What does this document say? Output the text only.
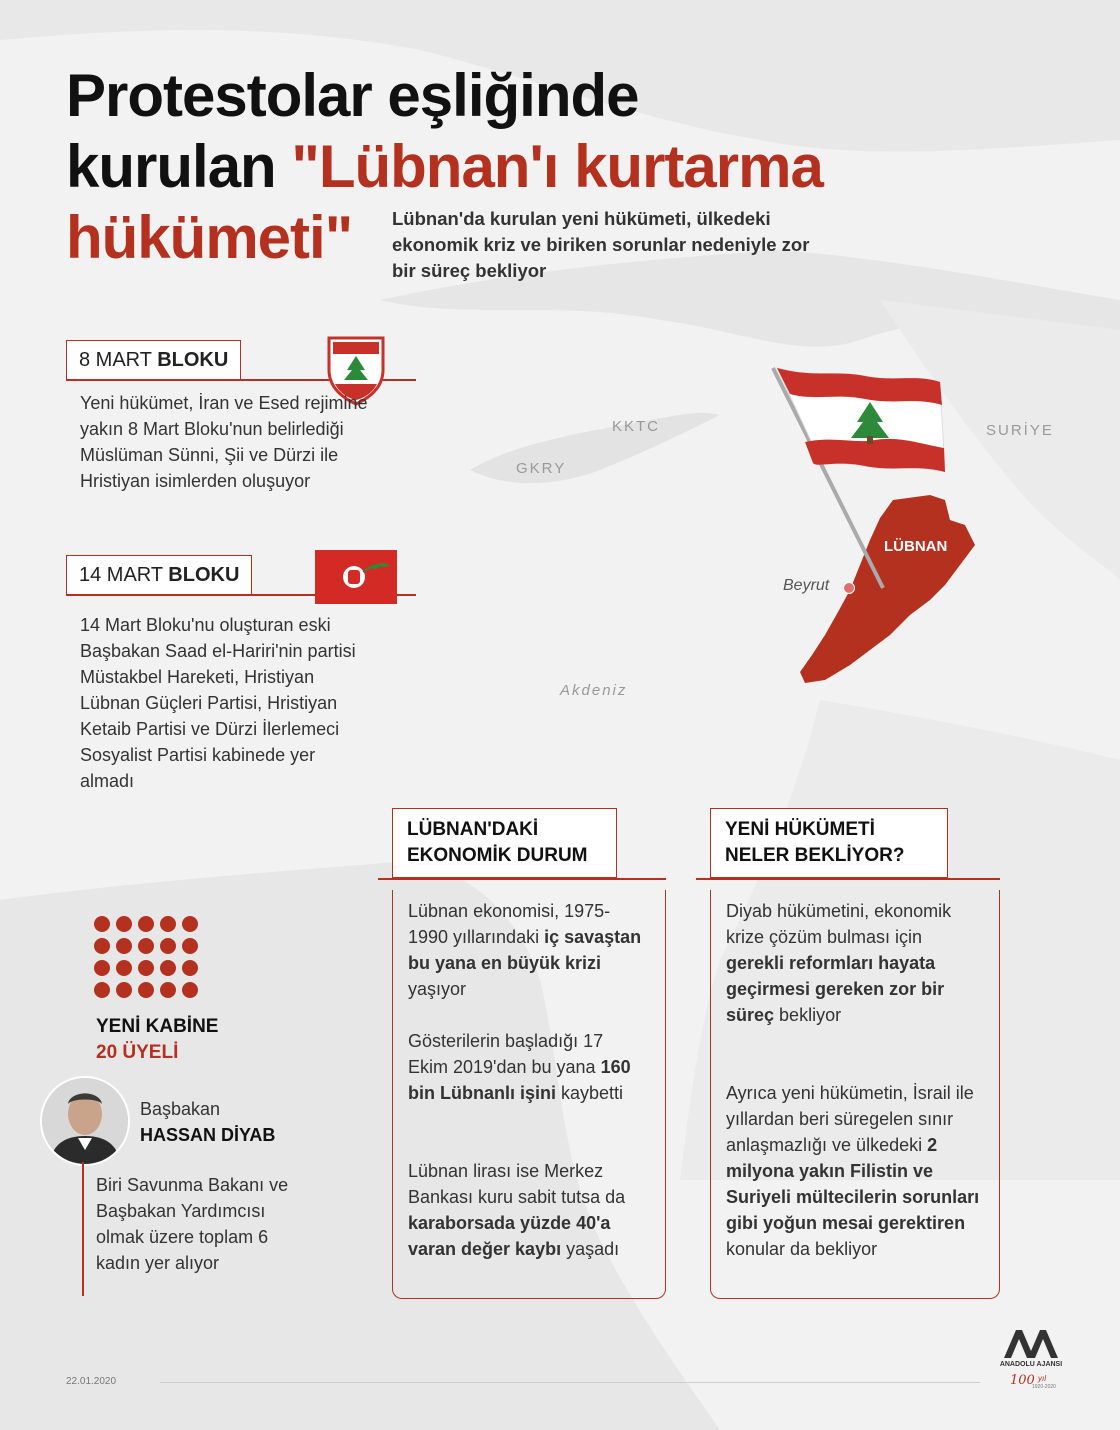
Protestolar eşliğinde
kurulan "Lübnan'ı kurtarma
hükümeti"	Lübnan'da kurulan yeni hükümeti, ülkedeki ekonomik kriz ve biriken sorunlar nedeniyle zor bir süreç bekliyor
KKTC
GKRY
SURİYE
LÜBNAN
Beyrut
Akdeniz
8 MART BLOKU
Yeni hükümet, İran ve Esed rejimine yakın 8 Mart Bloku'nun belirlediği Müslüman Sünni, Şii ve Dürzi ile Hristiyan isimlerden oluşuyor
14 MART BLOKU
14 Mart Bloku'nu oluşturan eski Başbakan Saad el-Hariri'nin partisi Müstakbel Hareketi, Hristiyan Lübnan Güçleri Partisi, Hristiyan Ketaib Partisi ve Dürzi İlerlemeci Sosyalist Partisi kabinede yer almadı
YENİ KABİNE
20 ÜYELİ
Başbakan
HASSAN DİYAB
Biri Savunma Bakanı ve Başbakan Yardımcısı olmak üzere toplam 6 kadın yer alıyor
LÜBNAN'DAKİ
EKONOMİK DURUM
Lübnan ekonomisi, 1975-1990 yıllarındaki iç savaştan bu yana en büyük krizi yaşıyor
Gösterilerin başladığı 17 Ekim 2019'dan bu yana 160 bin Lübnanlı işini kaybetti
Lübnan lirası ise Merkez Bankası kuru sabit tutsa da karaborsada yüzde 40'a varan değer kaybı yaşadı
YENİ HÜKÜMETİ
NELER BEKLİYOR?
Diyab hükümetini, ekonomik krize çözüm bulması için gerekli reformları hayata geçirmesi gereken zor bir süreç bekliyor
Ayrıca yeni hükümetin, İsrail ile yıllardan beri süregelen sınır anlaşmazlığı ve ülkedeki 2 milyona yakın Filistin ve Suriyeli mültecilerin sorunları gibi yoğun mesai gerektiren konular da bekliyor
22.01.2020
ANADOLU AJANSI
100 yıl
1920-2020
